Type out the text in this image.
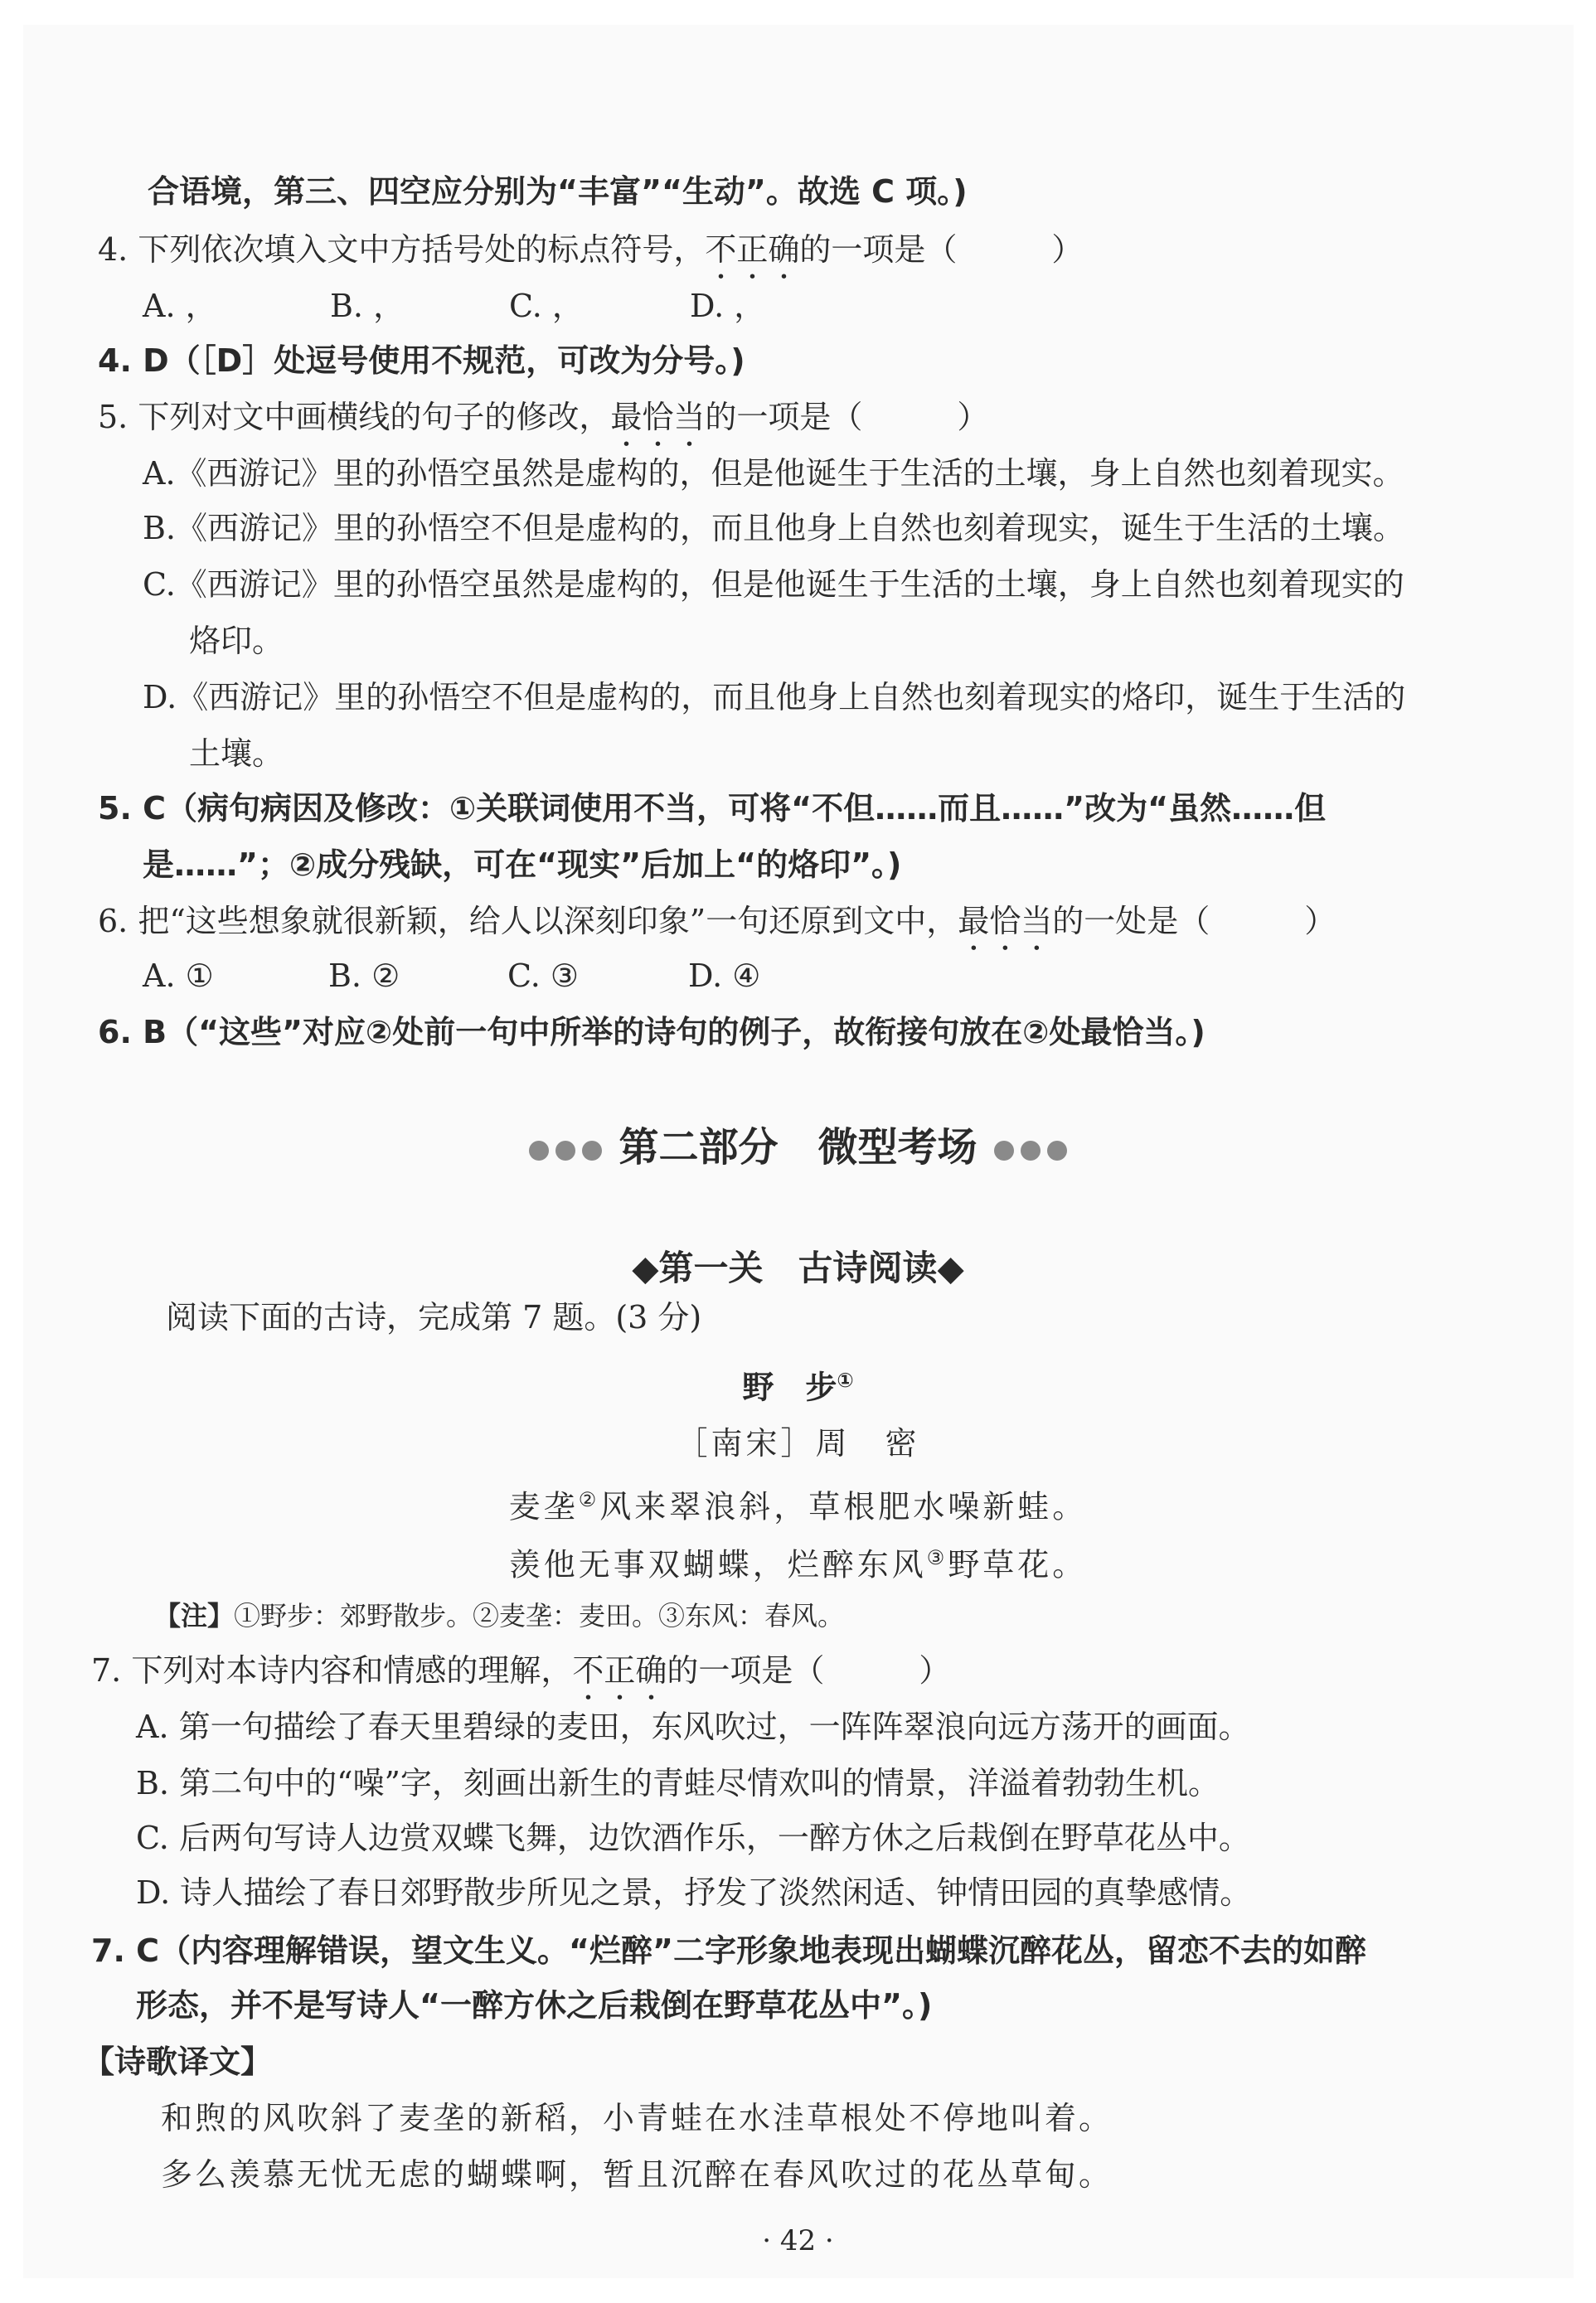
合语境，第三、四空应分别为“丰富”“生动”。故选 C 项。)
4. 下列依次填入文中方括号处的标点符号，不正确的一项是（　　　）
A. ，	B. ，	C. ，	D. ，
4. D（［D］处逗号使用不规范，可改为分号。)
5. 下列对文中画横线的句子的修改，最恰当的一项是（　　　）
A.《西游记》里的孙悟空虽然是虚构的，但是他诞生于生活的土壤，身上自然也刻着现实。
B.《西游记》里的孙悟空不但是虚构的，而且他身上自然也刻着现实，诞生于生活的土壤。
C.《西游记》里的孙悟空虽然是虚构的，但是他诞生于生活的土壤，身上自然也刻着现实的
烙印。
D.《西游记》里的孙悟空不但是虚构的，而且他身上自然也刻着现实的烙印，诞生于生活的
土壤。
5. C（病句病因及修改：①关联词使用不当，可将“不但……而且……”改为“虽然……但
是……”；②成分残缺，可在“现实”后加上“的烙印”。)
6. 把“这些想象就很新颖，给人以深刻印象”一句还原到文中，最恰当的一处是（　　　）
A. ①	B. ②	C. ③	D. ④
6. B（“这些”对应②处前一句中所举的诗句的例子，故衔接句放在②处最恰当。)
第二部分　微型考场
◆第一关　古诗阅读◆
阅读下面的古诗，完成第 7 题。(3 分)
野　步①
［南宋］周　密
麦垄②风来翠浪斜，草根肥水噪新蛙。
羡他无事双蝴蝶，烂醉东风③野草花。
【注】①野步：郊野散步。②麦垄：麦田。③东风：春风。
7. 下列对本诗内容和情感的理解，不正确的一项是（　　　）
A. 第一句描绘了春天里碧绿的麦田，东风吹过，一阵阵翠浪向远方荡开的画面。
B. 第二句中的“噪”字，刻画出新生的青蛙尽情欢叫的情景，洋溢着勃勃生机。
C. 后两句写诗人边赏双蝶飞舞，边饮酒作乐，一醉方休之后栽倒在野草花丛中。
D. 诗人描绘了春日郊野散步所见之景，抒发了淡然闲适、钟情田园的真挚感情。
7. C（内容理解错误，望文生义。“烂醉”二字形象地表现出蝴蝶沉醉花丛，留恋不去的如醉
形态，并不是写诗人“一醉方休之后栽倒在野草花丛中”。)
【诗歌译文】
和煦的风吹斜了麦垄的新稻，小青蛙在水洼草根处不停地叫着。
多么羡慕无忧无虑的蝴蝶啊，暂且沉醉在春风吹过的花丛草甸。
· 42 ·
